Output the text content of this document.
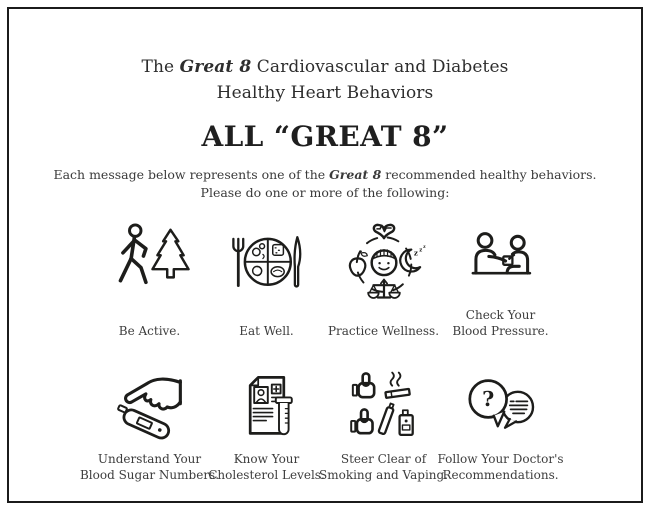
The Great 8 Cardiovascular and Diabetes
Healthy Heart Behaviors
ALL “GREAT 8”
Each message below represents one of the Great 8 recommended healthy behaviors.
Please do one or more of the following:
Be Active.	Eat Well.
z z
z
Practice Wellness.
Check Your
Blood Pressure.
Understand Your
Blood Sugar Numbers.
Know Your
Cholesterol Levels.
Steer Clear of
Smoking and Vaping.
?
Follow Your Doctor's
Recommendations.
